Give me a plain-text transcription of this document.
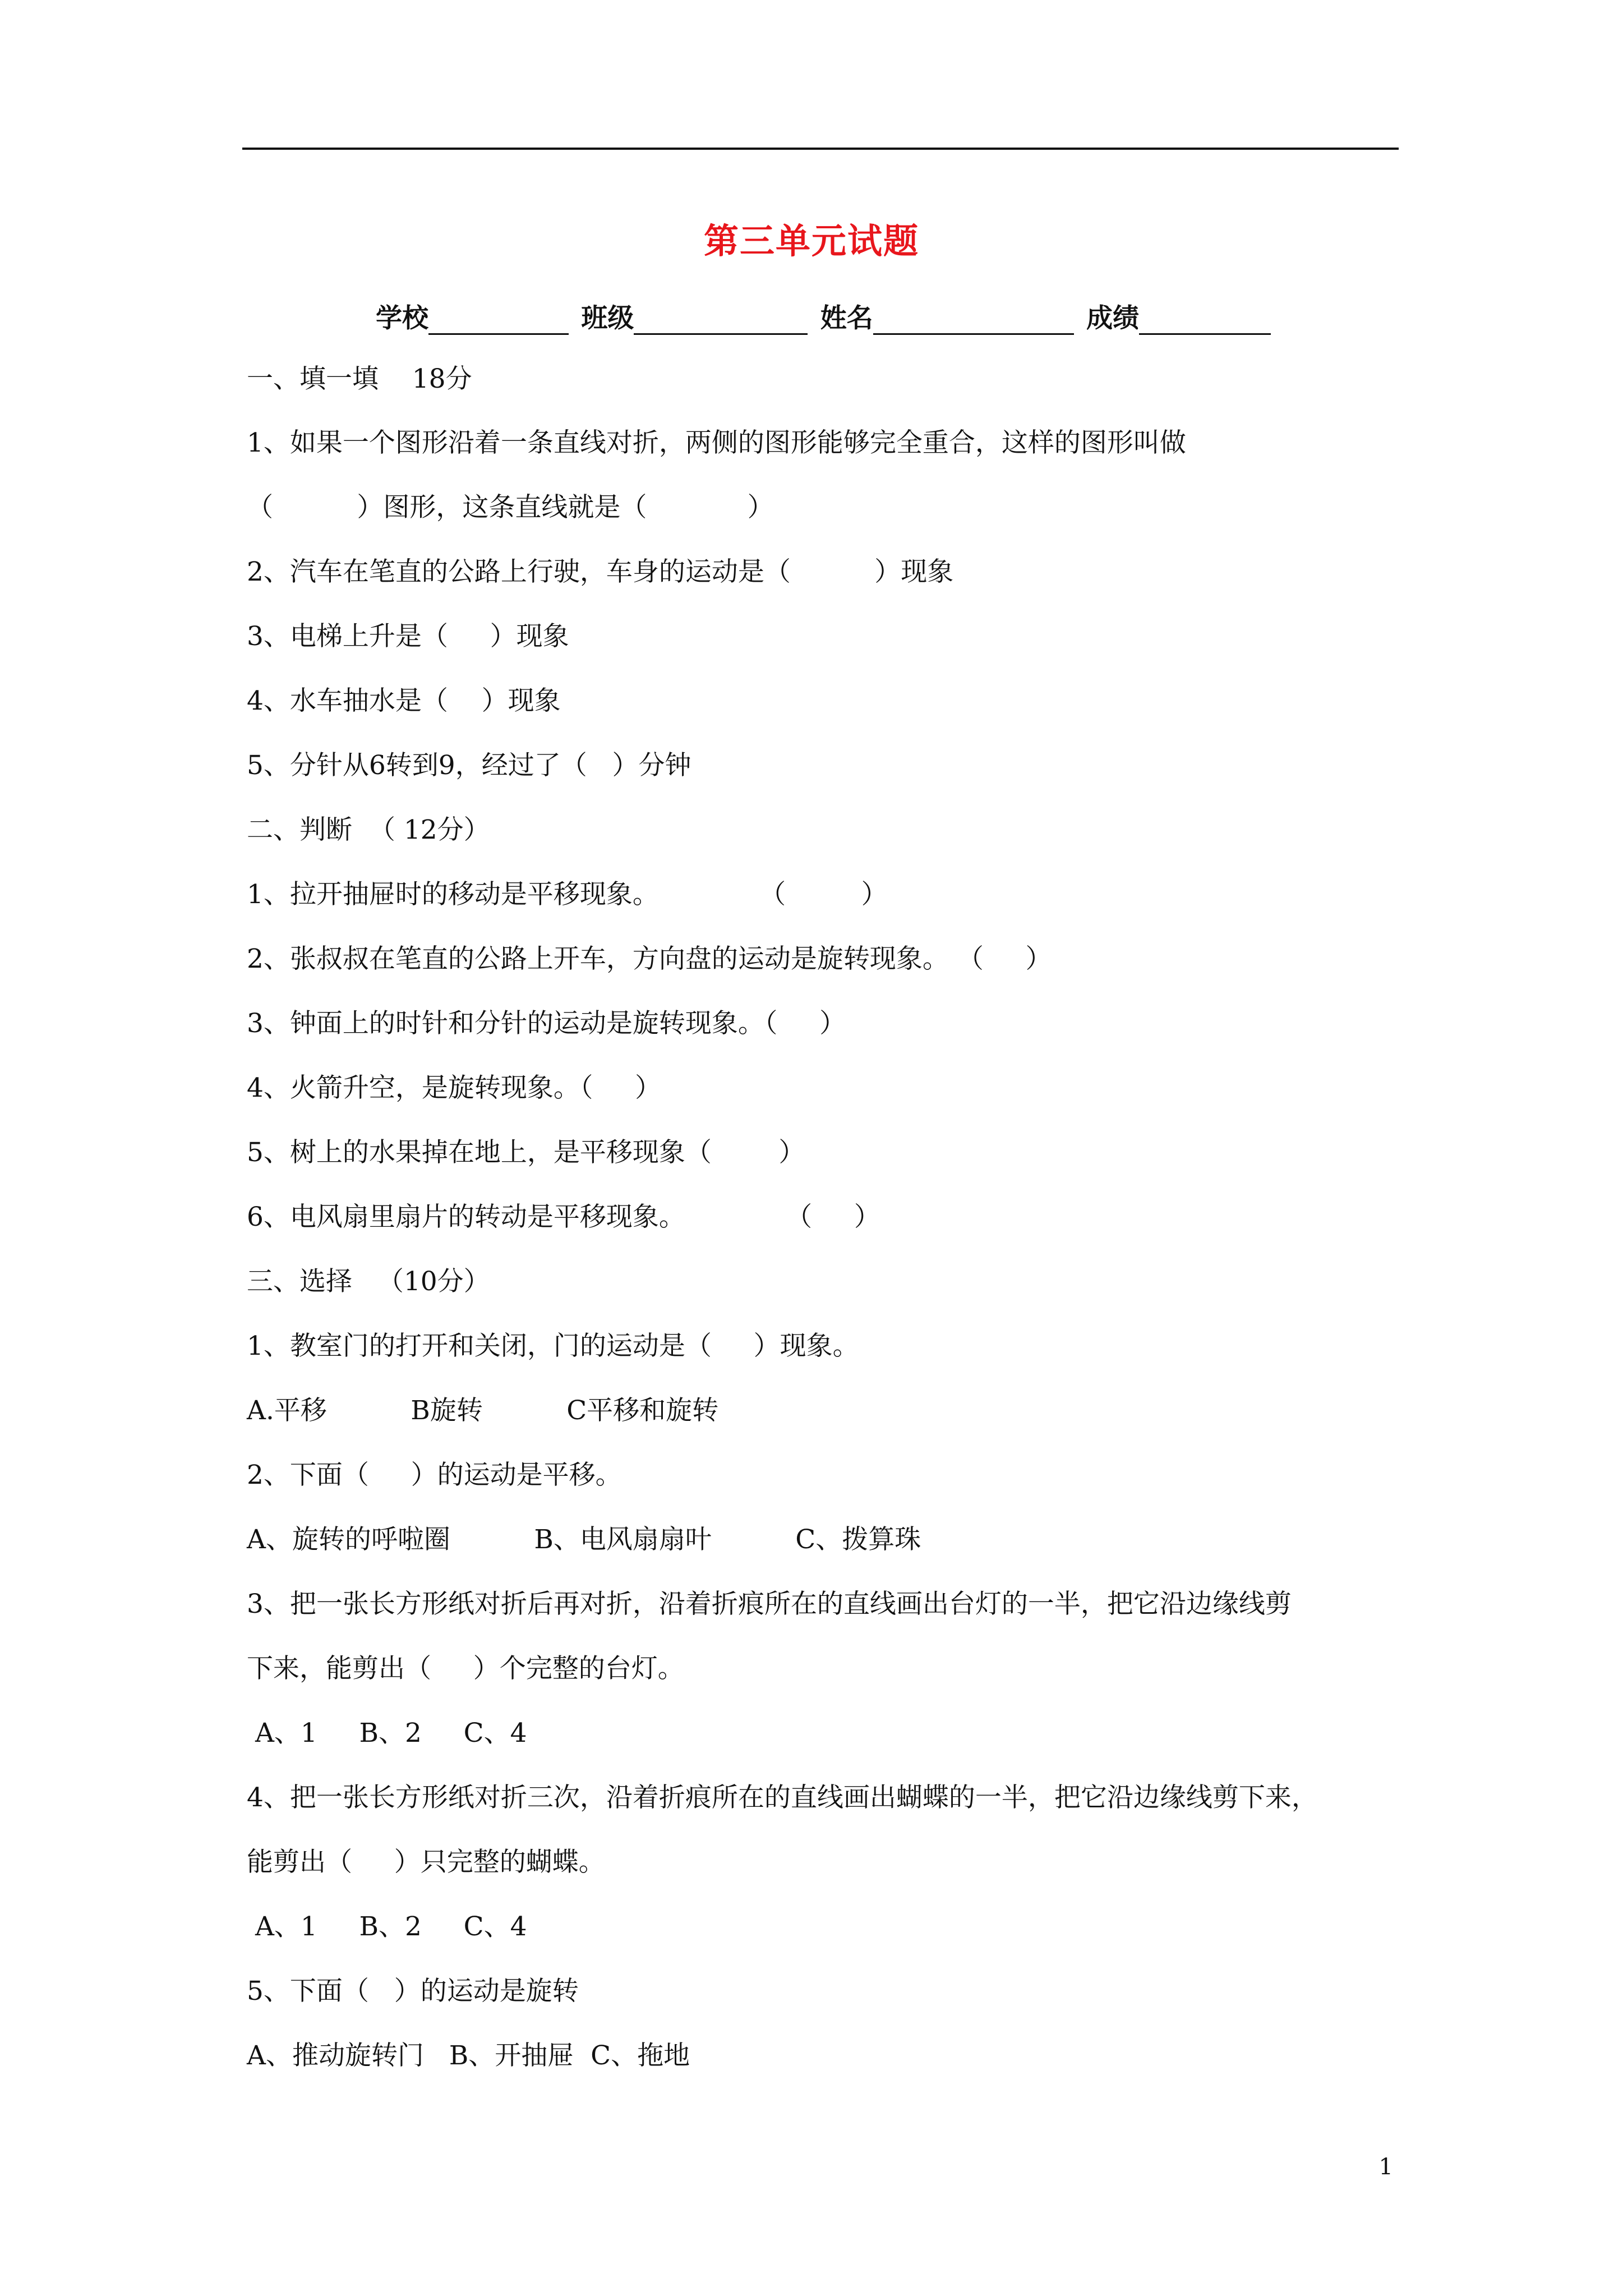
第三单元试题
学校	班级	姓名	成绩
一、填一填    18分
1、如果一个图形沿着一条直线对折，两侧的图形能够完全重合，这样的图形叫做
（          ）图形，这条直线就是（            ）
2、汽车在笔直的公路上行驶，车身的运动是（          ）现象
3、电梯上升是（     ）现象
4、水车抽水是（    ）现象
5、分针从6转到9，经过了（   ）分钟
二、判断  （ 12分）
1、拉开抽屉时的移动是平移现象。            （         ）
2、张叔叔在笔直的公路上开车，方向盘的运动是旋转现象。 （     ）
3、钟面上的时针和分针的运动是旋转现象。（     ）
4、火箭升空，是旋转现象。（     ）
5、树上的水果掉在地上，是平移现象（        ）
6、电风扇里扇片的转动是平移现象。            （     ）
三、选择   （10分）
1、教室门的打开和关闭，门的运动是（     ）现象。
A.平移          B旋转          C平移和旋转
2、下面（     ）的运动是平移。
A、旋转的呼啦圈          B、电风扇扇叶          C、拨算珠
3、把一张长方形纸对折后再对折，沿着折痕所在的直线画出台灯的一半，把它沿边缘线剪
下来，能剪出（     ）个完整的台灯。
A、1     B、2     C、4
4、把一张长方形纸对折三次，沿着折痕所在的直线画出蝴蝶的一半，把它沿边缘线剪下来，
能剪出（     ）只完整的蝴蝶。
A、1     B、2     C、4
5、下面（   ）的运动是旋转
A、推动旋转门   B、开抽屉  C、拖地
1
